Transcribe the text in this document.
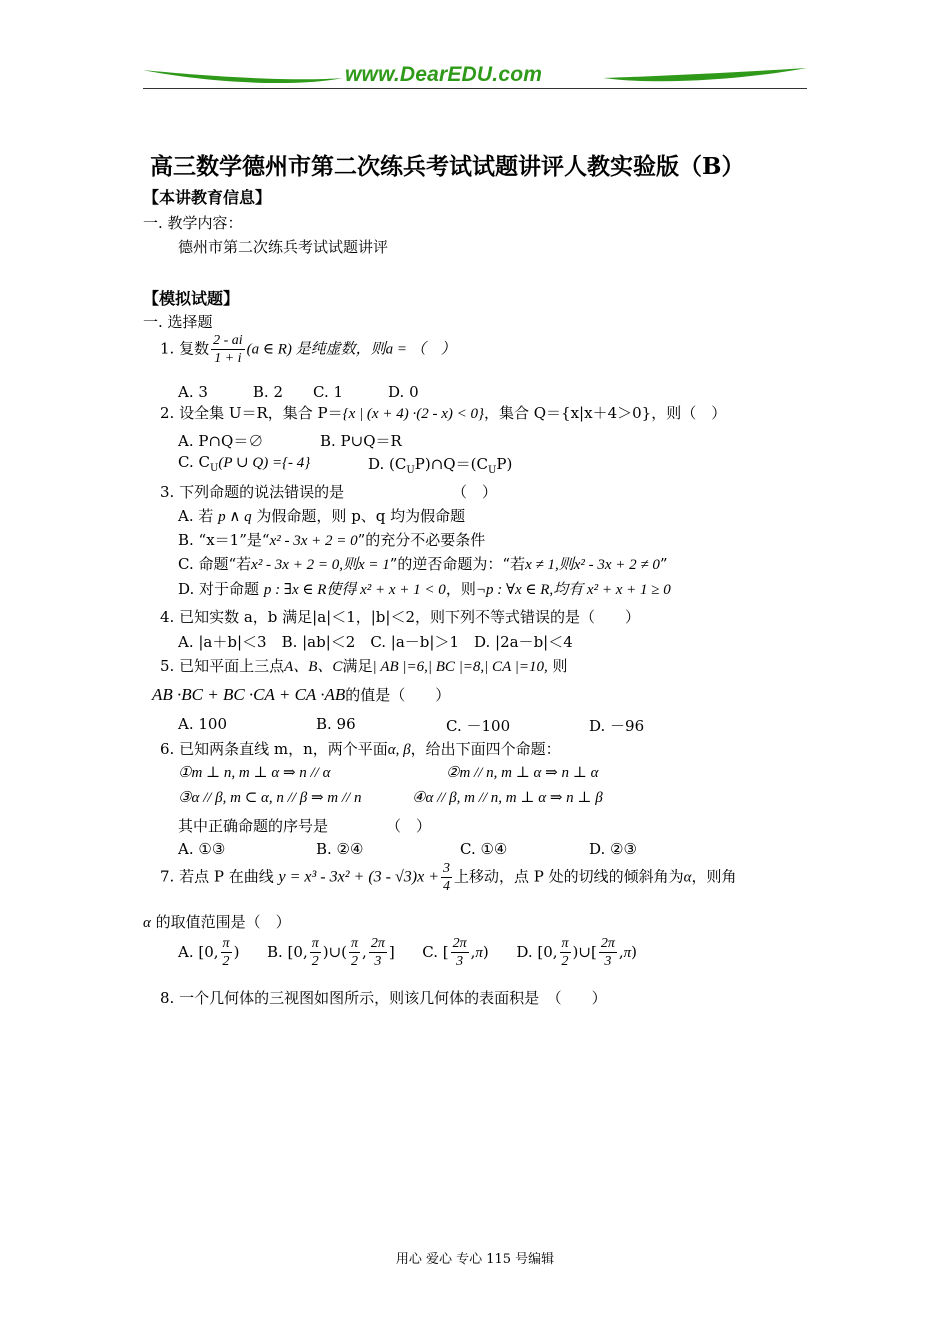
www.DearEDU.com
高三数学德州市第二次练兵考试试题讲评人教实验版（B）
【本讲教育信息】
一. 教学内容：
德州市第二次练兵考试试题讲评
【模拟试题】
一. 选择题
1. 复数 $\frac{2 - ai}{1 + i} (a$ ∈ R) 是纯虚数，则a = （　）
A. 3　　　B. 2　　C. 1　　　D. 0
2. 设全集 U＝R，集合 P＝{x | (x + 4) ·(2 - x) < 0}，集合 Q＝{x|x＋4＞0}，则（　）
A. P∩Q＝∅	B. P∪Q＝R
C. $C_U(P$ ∪ Q) ={- 4}	D. $(C_UP)\cap Q=(C_UP)$
3. 下列命题的说法错误的是	（　）
A. 若 p ∧ q 为假命题，则 p、q 均为假命题
B. “x＝1”是“x² - 3x + 2 = 0”的充分不必要条件
C. 命题“若x² - 3x + 2 = 0,则x = 1”的逆否命题为：“若x ≠ 1,则x² - 3x + 2 ≠ 0”
D. 对于命题 p : ∃x ∈ R使得 x² + x + 1 < 0，则¬p : ∀x ∈ R,均有 x² + x + 1 ≥ 0
4. 已知实数 a，b 满足|a|＜1，|b|＜2，则下列不等式错误的是（　　）
A. |a＋b|＜3　B. |ab|＜2　C. |a－b|＞1　D. |2a－b|＜4
5. 已知平面上三点A、B、C满足| AB |=6,| BC |=8,| CA |=10, 则
AB ·BC + BC ·CA + CA ·AB的值是（　　）
A. 100	B. 96	C. －100	D. －96
6. 已知两条直线 m，n，两个平面α, β，给出下面四个命题：
①m ⊥ n, m ⊥ α ⇒ n // α	②m // n, m ⊥ α ⇒ n ⊥ α
③α // β, m ⊂ α, n // β ⇒ m // n	④α // β, m // n, m ⊥ α ⇒ n ⊥ β
其中正确命题的序号是	（　）
A. ①③	B. ②④	C. ①④	D. ②③
7. 若点 P 在曲线 $y = x^3 - 3x^2 + (3 - √3)x + \frac{3}{4}$ 上移动，点 P 处的切线的倾斜角为α，则角
α 的取值范围是（　）
A. [0, $\frac{\pi}{2}$ ) B. [0, $\frac{\pi}{2}$ )∪( $\frac{\pi}{2}$ , $\frac{2\pi}{3}$ ] C. [ $\frac{2\pi}{3} ,\pi$) D. [0, $\frac{\pi}{2}$ )∪[ $\frac{2\pi}{3} ,\pi$)
8. 一个几何体的三视图如图所示，则该几何体的表面积是　（　　）
用心 爱心 专心 115 号编辑
